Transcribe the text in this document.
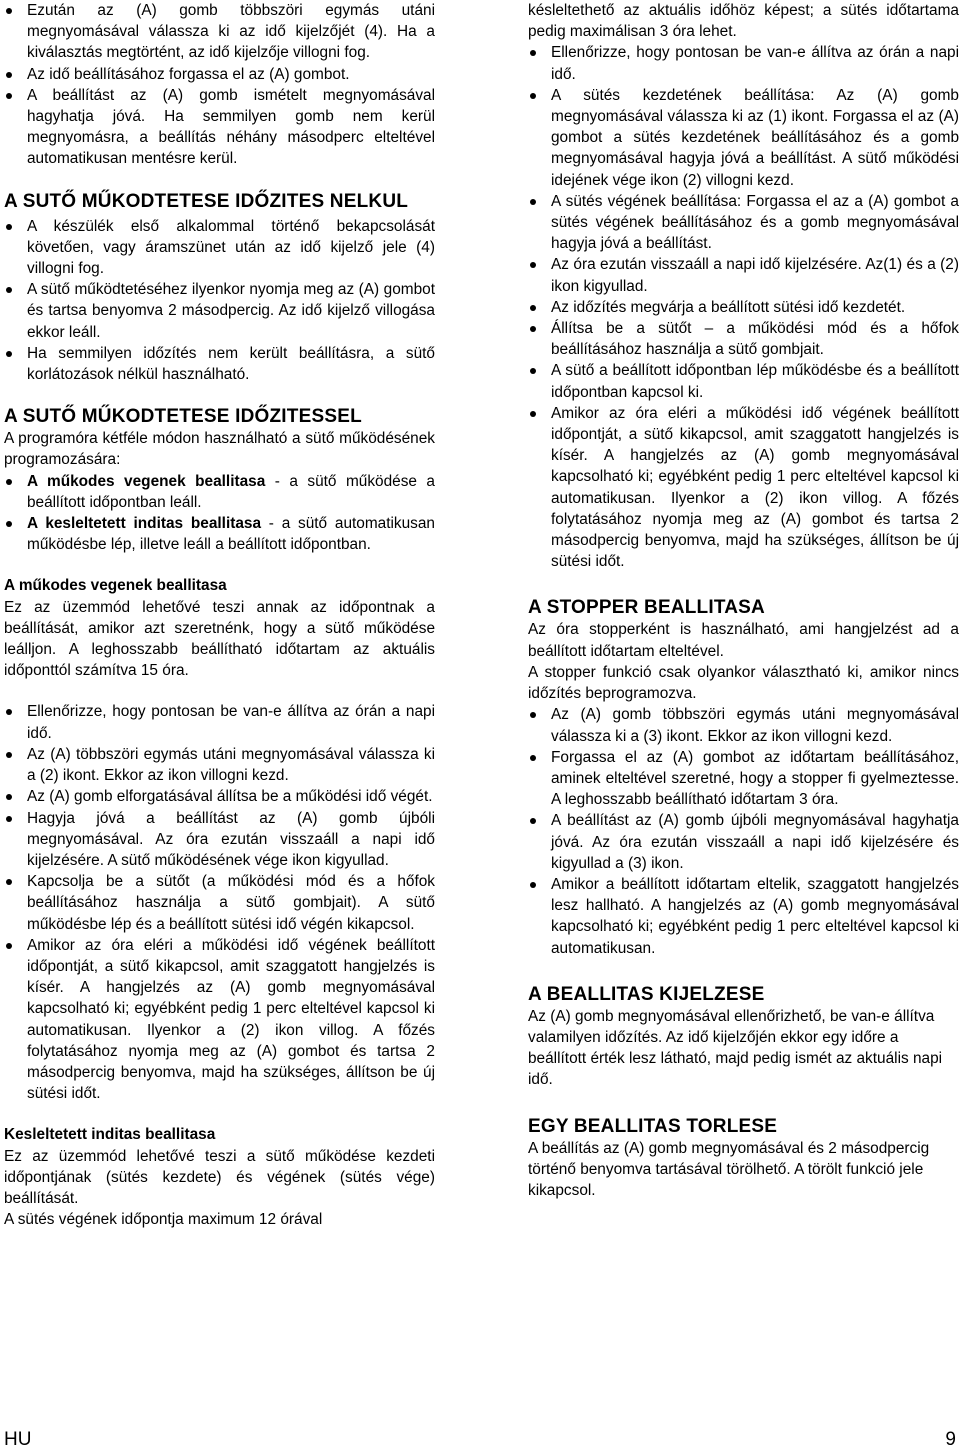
Ezután az (A) gomb többszöri egymás utáni megnyomásával válassza ki az idő kijelzőjét (4). Ha a kiválasztás megtörtént, az idő kijelzője villogni fog.
Az idő beállításához forgassa el az (A) gombot.
A beállítást az (A) gomb ismételt megnyomásával hagyhatja jóvá. Ha semmilyen gomb nem kerül megnyomásra, a beállítás néhány másodperc elteltével automatikusan mentésre kerül.
A SUTŐ MŰKODTETESE IDŐZITES NELKUL
A készülék első alkalommal történő bekapcsolását követően, vagy áramszünet után az idő kijelző jele (4) villogni fog.
A sütő működtetéséhez ilyenkor nyomja meg az (A) gombot és tartsa benyomva 2 másodpercig. Az idő kijelző villogása ekkor leáll.
Ha semmilyen időzítés nem került beállításra, a sütő korlátozások nélkül használható.
A SUTŐ MŰKODTETESE IDŐZITESSEL

A programóra kétféle módon használható a sütő működésének programozására:

A műkodes vegenek beallitasa - a sütő működése a beállított időpontban leáll.
A kesleltetett inditas beallitasa - a sütő automatikusan működésbe lép, illetve leáll a beállított időpontban.

A műkodes vegenek beallitasa

Ez az üzemmód lehetővé teszi annak az időpontnak a beállítását, amikor azt szeretnénk, hogy a sütő működése leálljon. A leghosszabb beállítható időtartam az aktuális időponttól számítva 15 óra.

Ellenőrizze, hogy pontosan be van-e állítva az órán a napi idő.
Az (A) többszöri egymás utáni megnyomásával válassza ki a (2) ikont. Ekkor az ikon villogni kezd.
Az (A) gomb elforgatásával állítsa be a működési idő végét.
Hagyja jóvá a beállítást az (A) gomb újbóli megnyomásával. Az óra ezután visszaáll a napi idő kijelzésére. A sütő működésének vége ikon kigyullad.
Kapcsolja be a sütőt (a működési mód és a hőfok beállításához használja a sütő gombjait). A sütő működésbe lép és a beállított sütési idő végén kikapcsol.
Amikor az óra eléri a működési idő végének beállított időpontját, a sütő kikapcsol, amit szaggatott hangjelzés is kísér. A hangjelzés az (A) gomb megnyomásával kapcsolható ki; egyébként pedig 1 perc elteltével kapcsol ki automatikusan. Ilyenkor a (2) ikon villog. A főzés folytatásához nyomja meg az (A) gombot és tartsa 2 másodpercig benyomva, majd ha szükséges, állítson be új sütési időt.

Kesleltetett inditas beallitasa

Ez az üzemmód lehetővé teszi a sütő működése kezdeti időpontjának (sütés kezdete) és végének (sütés vége) beállítását.

A sütés végének időpontja maximum 12 órával

késleltethető az aktuális időhöz képest; a sütés időtartama pedig maximálisan 3 óra lehet.

Ellenőrizze, hogy pontosan be van-e állítva az órán a napi idő.
A sütés kezdetének beállítása: Az (A) gomb megnyomásával válassza ki az (1) ikont. Forgassa el az (A) gombot a sütés kezdetének beállításához és a gomb megnyomásával hagyja jóvá a beállítást. A sütő működési idejének vége ikon (2) villogni kezd.
A sütés végének beállítása: Forgassa el az a (A) gombot a sütés végének beállításához és a gomb megnyomásával hagyja jóvá a beállítást.
Az óra ezután visszaáll a napi idő kijelzésére. Az(1) és a (2) ikon kigyullad.
Az időzítés megvárja a beállított sütési idő kezdetét.
Állítsa be a sütőt – a működési mód és a hőfok beállításához használja a sütő gombjait.
A sütő a beállított időpontban lép működésbe és a beállított időpontban kapcsol ki.
Amikor az óra eléri a működési idő végének beállított időpontját, a sütő kikapcsol, amit szaggatott hangjelzés is kísér. A hangjelzés az (A) gomb megnyomásával kapcsolható ki; egyébként pedig 1 perc elteltével kapcsol ki automatikusan. Ilyenkor a (2) ikon villog. A főzés folytatásához nyomja meg az (A) gombot és tartsa 2 másodpercig benyomva, majd ha szükséges, állítson be új sütési időt.
A STOPPER BEALLITASA

Az óra stopperként is használható, ami hangjelzést ad a beállított időtartam elteltével.

A stopper funkció csak olyankor választható ki, amikor nincs időzítés beprogramozva.

Az (A) gomb többszöri egymás utáni megnyomásával válassza ki a (3) ikont. Ekkor az ikon villogni kezd.
Forgassa el az (A) gombot az időtartam beállításához, aminek elteltével szeretné, hogy a stopper fi gyelmeztesse. A leghosszabb beállítható időtartam 3 óra.
A beállítást az (A) gomb újbóli megnyomásával hagyhatja jóvá. Az óra ezután visszaáll a napi idő kijelzésére és kigyullad a (3) ikon.
Amikor a beállított időtartam eltelik, szaggatott hangjelzés lesz hallható. A hangjelzés az (A) gomb megnyomásával kapcsolható ki; egyébként pedig 1 perc elteltével kapcsol ki automatikusan.
A BEALLITAS KIJELZESE

Az (A) gomb megnyomásával ellenőrizhető, be van-e állítva valamilyen időzítés. Az idő kijelzőjén ekkor egy időre a beállított érték lesz látható, majd pedig ismét az aktuális napi idő.

EGY BEALLITAS TORLESE

A beállítás az (A) gomb megnyomásával és 2 másodpercig történő benyomva tartásával törölhető. A törölt funkció jele kikapcsol.

HU	9
